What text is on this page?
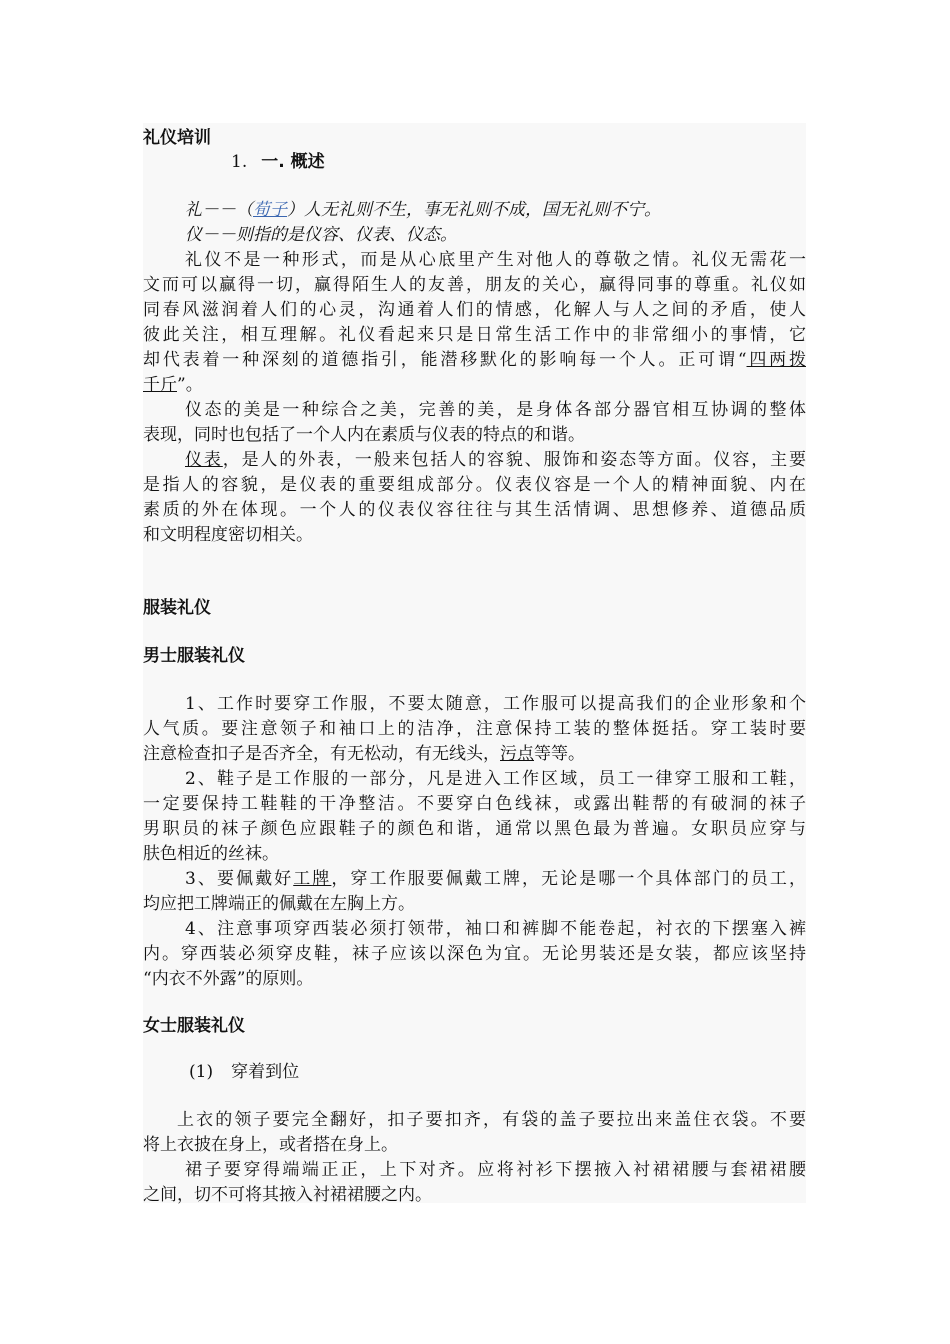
礼仪培训
1. 一. 概述
礼－－（荀子）人无礼则不生，事无礼则不成，国无礼则不宁。
仪－－则指的是仪容、仪表、仪态。
礼仪不是一种形式，而是从心底里产生对他人的尊敬之情。礼仪无需花一
文而可以赢得一切，赢得陌生人的友善，朋友的关心，赢得同事的尊重。礼仪如
同春风滋润着人们的心灵，沟通着人们的情感，化解人与人之间的矛盾，使人
彼此关注，相互理解。礼仪看起来只是日常生活工作中的非常细小的事情，它
却代表着一种深刻的道德指引，能潜移默化的影响每一个人。正可谓“四两拨
千斤”。
仪态的美是一种综合之美，完善的美，是身体各部分器官相互协调的整体
表现，同时也包括了一个人内在素质与仪表的特点的和谐。
仪表，是人的外表，一般来包括人的容貌、服饰和姿态等方面。仪容，主要
是指人的容貌，是仪表的重要组成部分。仪表仪容是一个人的精神面貌、内在
素质的外在体现。一个人的仪表仪容往往与其生活情调、思想修养、道德品质
和文明程度密切相关。
服装礼仪
男士服装礼仪
1、工作时要穿工作服，不要太随意，工作服可以提高我们的企业形象和个
人气质。要注意领子和袖口上的洁净，注意保持工装的整体挺括。穿工装时要
注意检查扣子是否齐全，有无松动，有无线头，污点等等。
2、鞋子是工作服的一部分，凡是进入工作区域，员工一律穿工服和工鞋，
一定要保持工鞋鞋的干净整洁。不要穿白色线袜，或露出鞋帮的有破洞的袜子
男职员的袜子颜色应跟鞋子的颜色和谐，通常以黑色最为普遍。女职员应穿与
肤色相近的丝袜。
3、要佩戴好工牌，穿工作服要佩戴工牌，无论是哪一个具体部门的员工，
均应把工牌端正的佩戴在左胸上方。
4、注意事项穿西装必须打领带，袖口和裤脚不能卷起，衬衣的下摆塞入裤
内。穿西装必须穿皮鞋，袜子应该以深色为宜。无论男装还是女装，都应该坚持
“内衣不外露”的原则。
女士服装礼仪
(1) 穿着到位
上衣的领子要完全翻好，扣子要扣齐，有袋的盖子要拉出来盖住衣袋。不要
将上衣披在身上，或者搭在身上。
裙子要穿得端端正正，上下对齐。应将衬衫下摆掖入衬裙裙腰与套裙裙腰
之间，切不可将其掖入衬裙裙腰之内。
